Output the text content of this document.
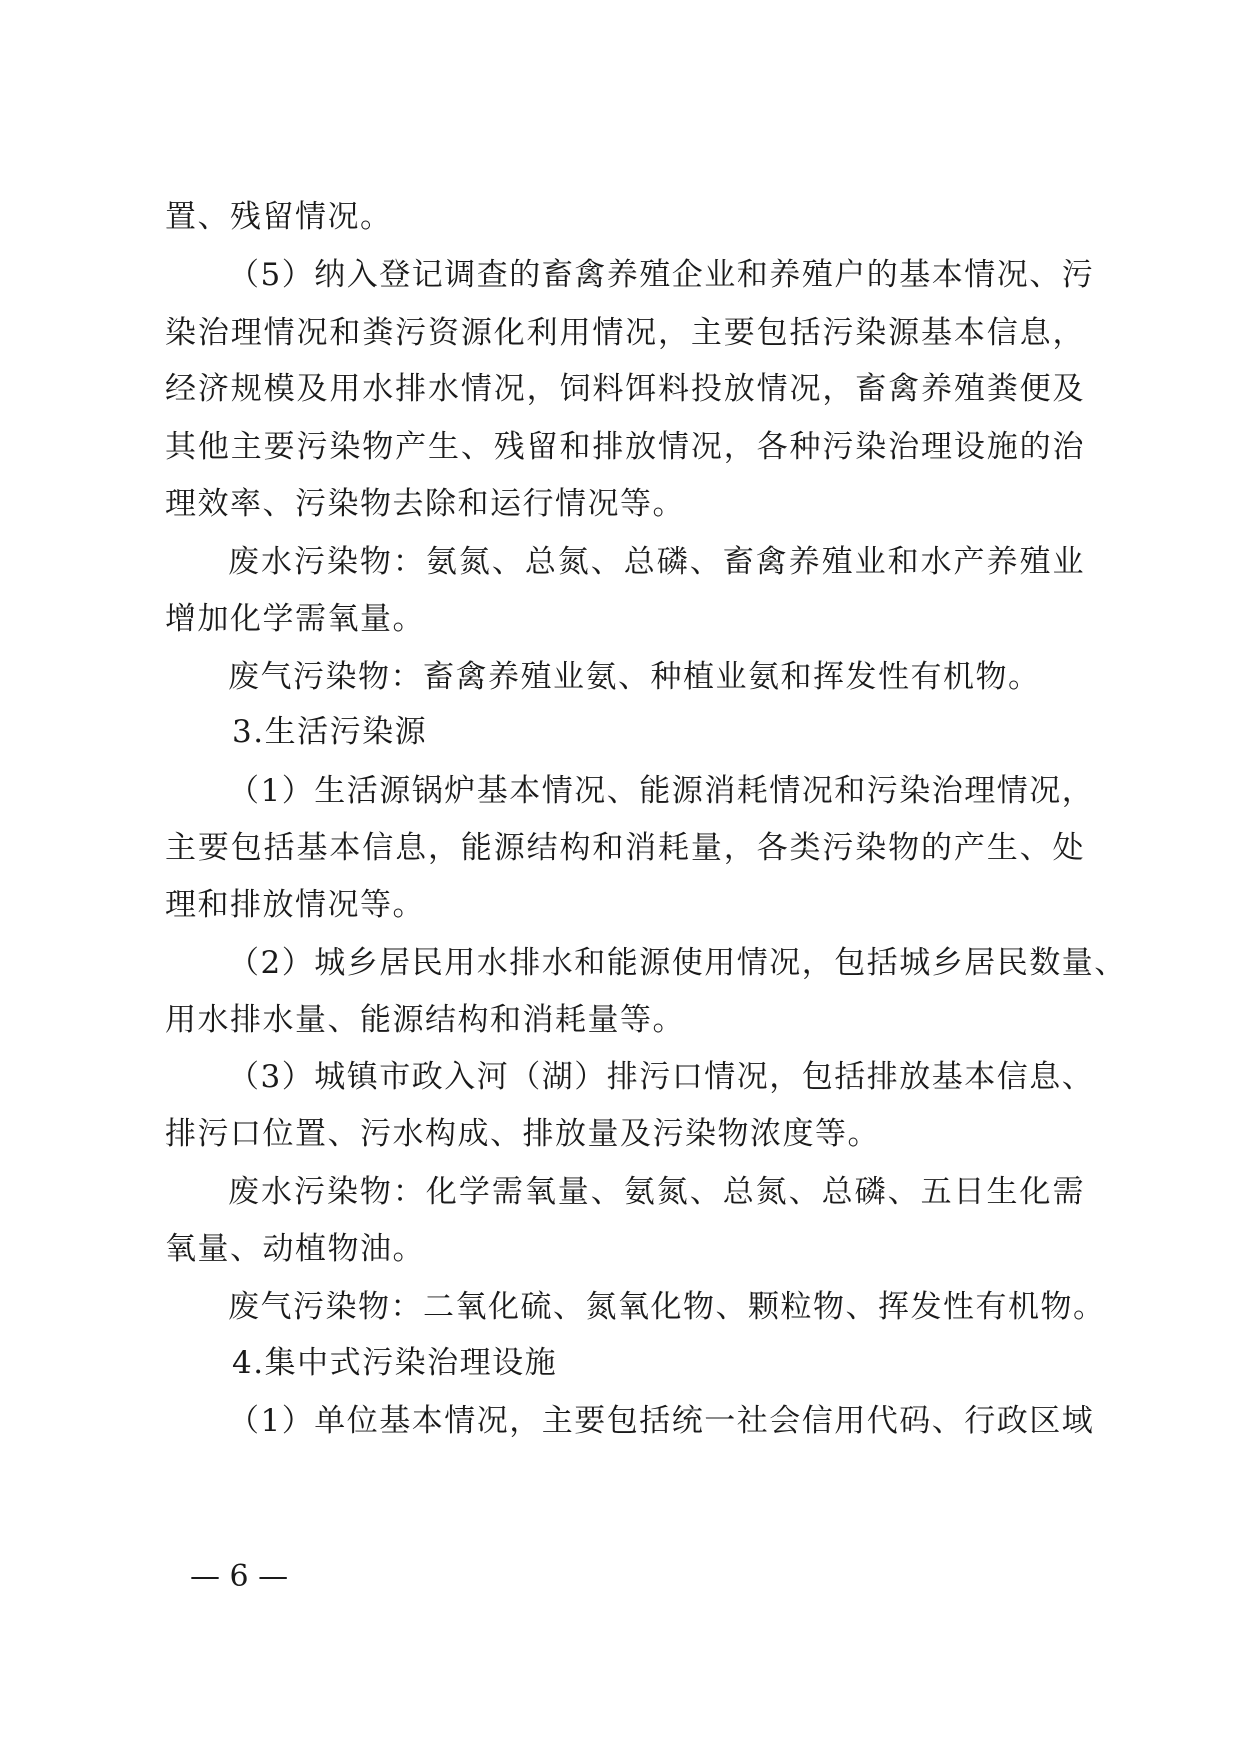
置、残留情况。
（5）纳入登记调查的畜禽养殖企业和养殖户的基本情况、污
染治理情况和粪污资源化利用情况，主要包括污染源基本信息，
经济规模及用水排水情况，饲料饵料投放情况，畜禽养殖粪便及
其他主要污染物产生、残留和排放情况，各种污染治理设施的治
理效率、污染物去除和运行情况等。
废水污染物：氨氮、总氮、总磷、畜禽养殖业和水产养殖业
增加化学需氧量。
废气污染物：畜禽养殖业氨、种植业氨和挥发性有机物。
3.生活污染源
（1）生活源锅炉基本情况、能源消耗情况和污染治理情况，
主要包括基本信息，能源结构和消耗量，各类污染物的产生、处
理和排放情况等。
（2）城乡居民用水排水和能源使用情况，包括城乡居民数量、
用水排水量、能源结构和消耗量等。
（3）城镇市政入河（湖）排污口情况，包括排放基本信息、
排污口位置、污水构成、排放量及污染物浓度等。
废水污染物：化学需氧量、氨氮、总氮、总磷、五日生化需
氧量、动植物油。
废气污染物：二氧化硫、氮氧化物、颗粒物、挥发性有机物。
4.集中式污染治理设施
（1）单位基本情况，主要包括统一社会信用代码、行政区域
— 6 —
